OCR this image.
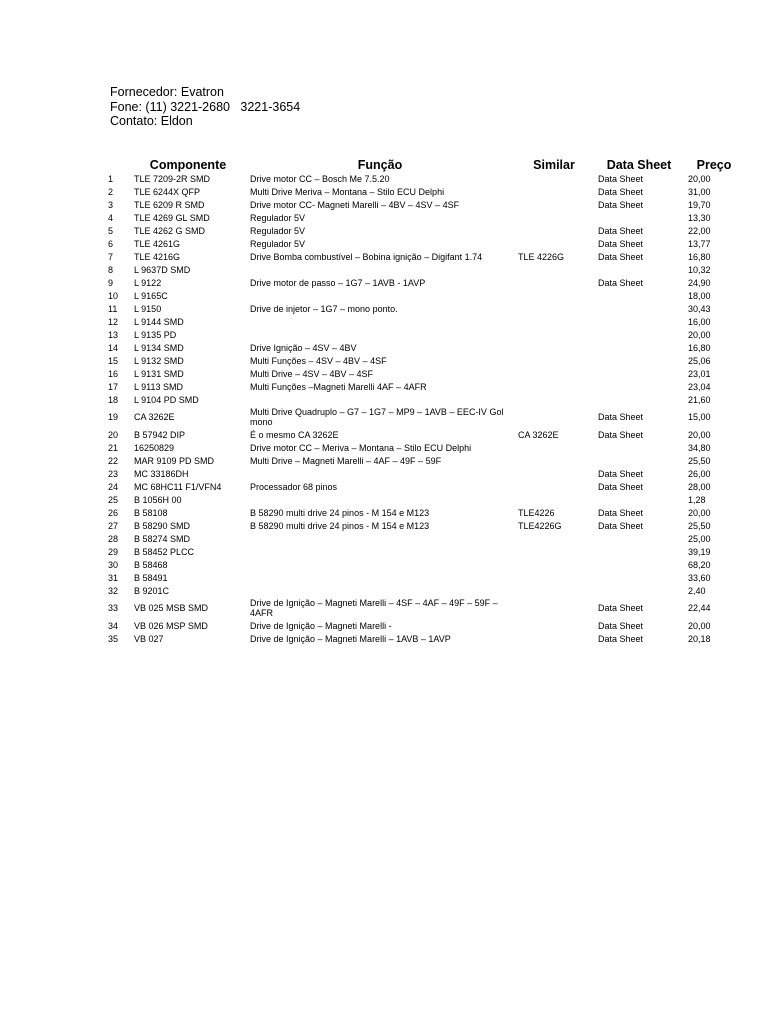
Fornecedor: Evatron
Fone: (11) 3221-2680   3221-3654
Contato: Eldon
	Componente	Função	Similar	Data Sheet	Preço
1	TLE 7209-2R SMD	Drive motor CC – Bosch Me 7.5.20		Data Sheet	20,00
2	TLE 6244X QFP	Multi Drive Meriva – Montana – Stilo ECU Delphi		Data Sheet	31,00
3	TLE 6209 R SMD	Drive motor CC- Magneti Marelli – 4BV – 4SV – 4SF		Data Sheet	19,70
4	TLE 4269 GL SMD	Regulador 5V			13,30
5	TLE 4262 G SMD	Regulador 5V		Data Sheet	22,00
6	TLE 4261G	Regulador 5V		Data Sheet	13,77
7	TLE 4216G	Drive Bomba combustível – Bobina ignição – Digifant 1.74	TLE 4226G	Data Sheet	16,80
8	L 9637D SMD				10,32
9	L 9122	Drive motor de passo – 1G7 – 1AVB - 1AVP		Data Sheet	24,90
10	L 9165C				18,00
11	L 9150	Drive de injetor – 1G7 – mono ponto.			30,43
12	L 9144 SMD				16,00
13	L 9135 PD				20,00
14	L 9134 SMD	Drive Ignição – 4SV – 4BV			16,80
15	L 9132 SMD	Multi Funções – 4SV – 4BV – 4SF			25,06
16	L 9131 SMD	Multi Drive – 4SV – 4BV – 4SF			23,01
17	L 9113 SMD	Multi Funções –Magneti Marelli 4AF – 4AFR			23,04
18	L 9104 PD SMD				21,60
19	CA 3262E	Multi Drive Quadruplo – G7 – 1G7 – MP9 – 1AVB – EEC-IV Gol mono		Data Sheet	15,00
20	B 57942 DIP	É o mesmo CA 3262E	CA 3262E	Data Sheet	20,00
21	16250829	Drive motor CC – Meriva – Montana – Stilo ECU Delphi			34,80
22	MAR 9109 PD SMD	Multi Drive – Magneti Marelli – 4AF – 49F – 59F			25,50
23	MC 33186DH			Data Sheet	26,00
24	MC 68HC11 F1/VFN4	Processador 68 pinos		Data Sheet	28,00
25	B 1056H 00				1,28
26	B 58108	B 58290 multi drive 24 pinos - M 154 e M123	TLE4226	Data Sheet	20,00
27	B 58290 SMD	B 58290 multi drive 24 pinos - M 154 e M123	TLE4226G	Data Sheet	25,50
28	B 58274 SMD				25,00
29	B 58452 PLCC				39,19
30	B 58468				68,20
31	B 58491				33,60
32	B 9201C				2,40
33	VB 025 MSB SMD	Drive de Ignição – Magneti Marelli – 4SF – 4AF – 49F – 59F – 4AFR		Data Sheet	22,44
34	VB 026 MSP SMD	Drive de Ignição – Magneti Marelli -		Data Sheet	20,00
35	VB 027	Drive de Ignição – Magneti Marelli – 1AVB – 1AVP		Data Sheet	20,18
